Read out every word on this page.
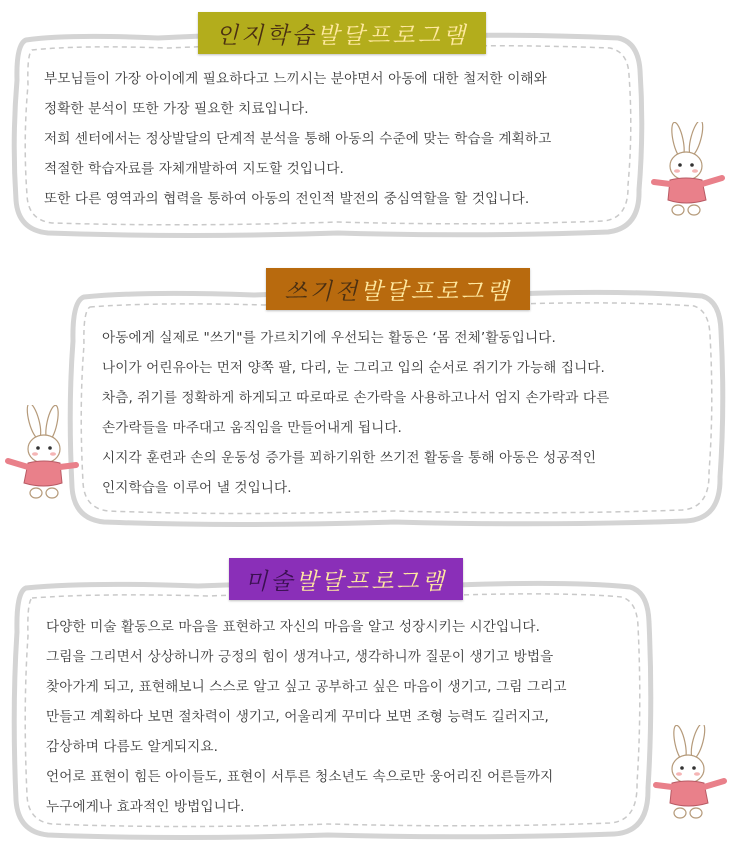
부모님들이 가장 아이에게 필요하다고 느끼시는 분야면서 아동에 대한 철저한 이해와

정확한 분석이 또한 가장 필요한 치료입니다.

저희 센터에서는 정상발달의 단계적 분석을 통해 아동의 수준에 맞는 학습을 계획하고

적절한 학습자료를 자체개발하여 지도할 것입니다.

또한 다른 영역과의 협력을 통하여 아동의 전인적 발전의 중심역할을 할 것입니다.

인지학습 발달프로그램

아동에게 실제로 "쓰기"를 가르치기에 우선되는 활동은 ‘몸 전체’활동입니다.

나이가 어린유아는 먼저 양쪽 팔, 다리, 눈 그리고 입의 순서로 쥐기가 가능해 집니다.

차츰, 쥐기를 정확하게 하게되고 따로따로 손가락을 사용하고나서 엄지 손가락과 다른

손가락들을 마주대고 움직임을 만들어내게 됩니다.

시지각 훈련과 손의 운동성 증가를 꾀하기위한 쓰기전 활동을 통해 아동은 성공적인

인지학습을 이루어 낼 것입니다.

쓰기전 발달프로그램

다양한 미술 활동으로 마음을 표현하고 자신의 마음을 알고 성장시키는 시간입니다.

그림을 그리면서 상상하니까 긍정의 힘이 생겨나고, 생각하니까 질문이 생기고 방법을

찾아가게 되고, 표현해보니 스스로 알고 싶고 공부하고 싶은 마음이 생기고, 그림 그리고

만들고 계획하다 보면 절차력이 생기고, 어울리게 꾸미다 보면 조형 능력도 길러지고,

감상하며 다름도 알게되지요.

언어로 표현이 힘든 아이들도, 표현이 서투른 청소년도 속으로만 웅어리진 어른들까지

누구에게나 효과적인 방법입니다.

미술 발달프로그램
